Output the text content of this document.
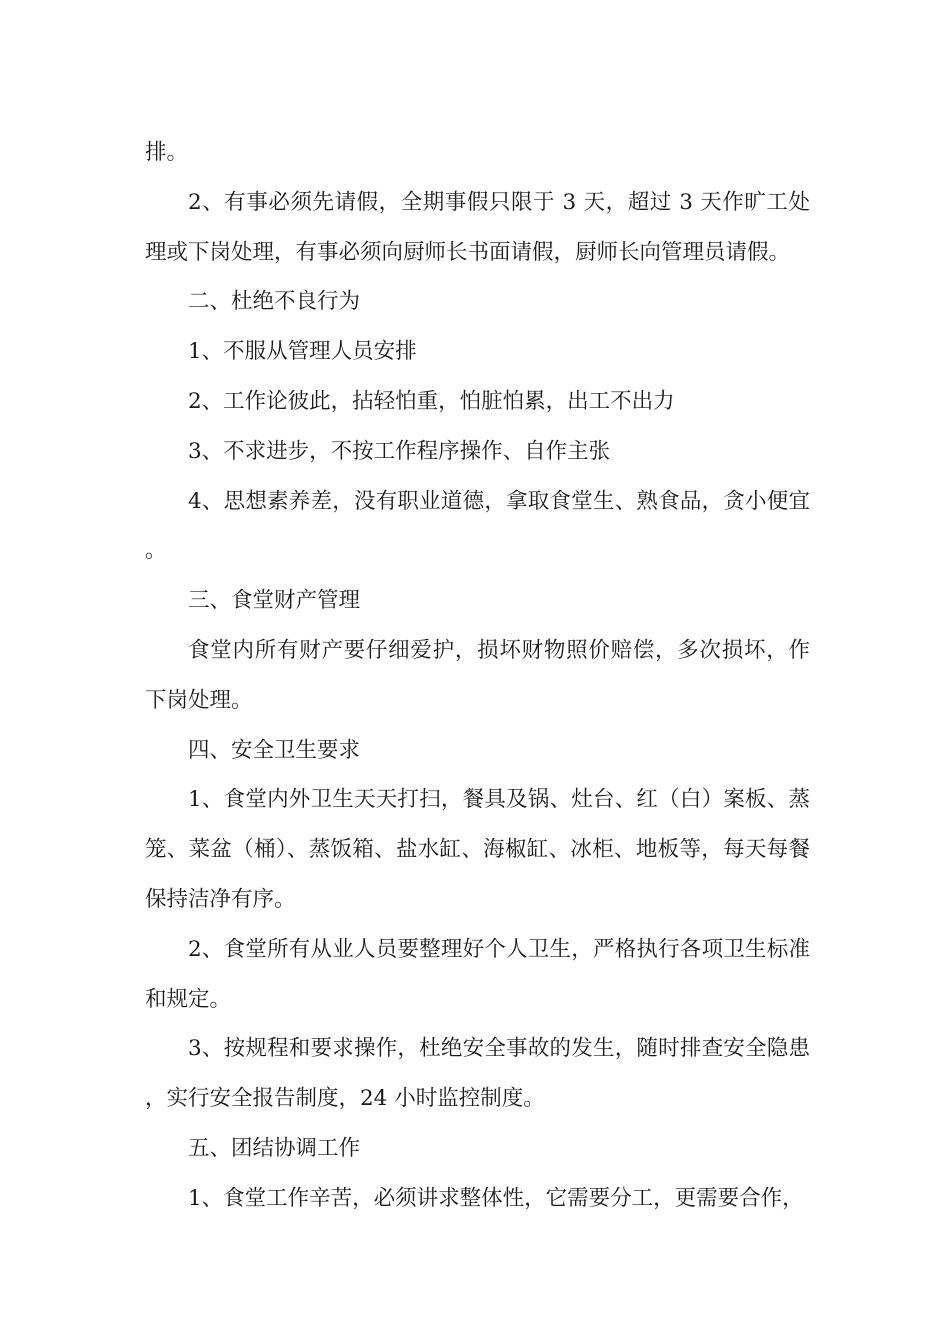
排。

2、有事必须先请假，全期事假只限于 3 天，超过 3 天作旷工处理或下岗处理，有事必须向厨师长书面请假，厨师长向管理员请假。

二、杜绝不良行为

1、不服从管理人员安排

2、工作论彼此，拈轻怕重，怕脏怕累，出工不出力

3、不求进步，不按工作程序操作、自作主张

4、思想素养差，没有职业道德，拿取食堂生、熟食品，贪小便宜。

三、食堂财产管理

食堂内所有财产要仔细爱护，损坏财物照价赔偿，多次损坏，作下岗处理。

四、安全卫生要求

1、食堂内外卫生天天打扫，餐具及锅、灶台、红（白）案板、蒸笼、菜盆（桶）、蒸饭箱、盐水缸、海椒缸、冰柜、地板等，每天每餐保持洁净有序。

2、食堂所有从业人员要整理好个人卫生，严格执行各项卫生标准和规定。

3、按规程和要求操作，杜绝安全事故的发生，随时排查安全隐患，实行安全报告制度，24 小时监控制度。

五、团结协调工作

1、食堂工作辛苦，必须讲求整体性，它需要分工，更需要合作，
